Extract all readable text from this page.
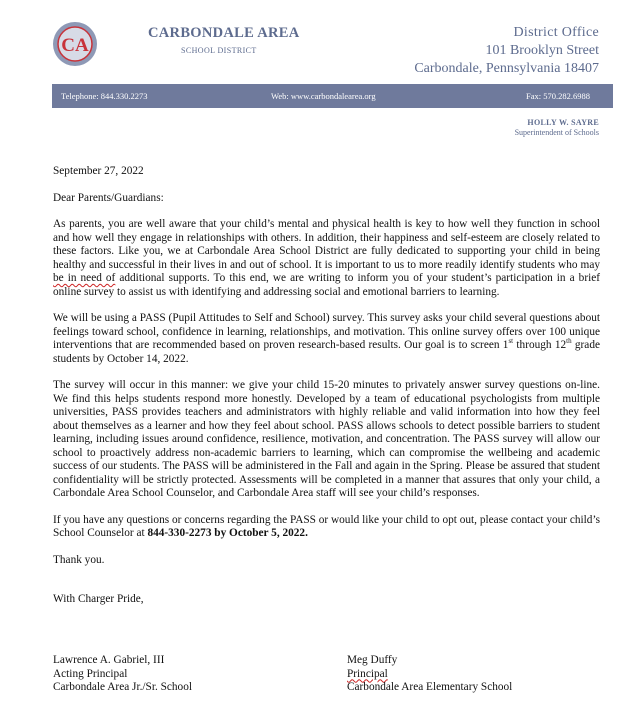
CA
CARBONDALE AREA
SCHOOL DISTRICT
District Office
101 Brooklyn Street
Carbondale, Pennsylvania 18407
Telephone: 844.330.2273	Web: www.carbondalearea.org	Fax: 570.282.6988
HOLLY W. SAYRE
Superintendent of Schools

September 27, 2022

Dear Parents/Guardians:

As parents, you are well aware that your child’s mental and physical health is key to how well they function in school and how well they engage in relationships with others. In addition, their happiness and self-esteem are closely related to these factors. Like you, we at Carbondale Area School District are fully dedicated to supporting your child in being healthy and successful in their lives in and out of school. It is important to us to more readily identify students who may be in need of additional supports. To this end, we are writing to inform you of your student’s participation in a brief online survey to assist us with identifying and addressing social and emotional barriers to learning.

We will be using a PASS (Pupil Attitudes to Self and School) survey. This survey asks your child several questions about feelings toward school, confidence in learning, relationships, and motivation. This online survey offers over 100 unique interventions that are recommended based on proven research-based results. Our goal is to screen 1st through 12th grade students by October 14, 2022.

The survey will occur in this manner: we give your child 15-20 minutes to privately answer survey questions on-line. We find this helps students respond more honestly. Developed by a team of educational psychologists from multiple universities, PASS provides teachers and administrators with highly reliable and valid information into how they feel about themselves as a learner and how they feel about school. PASS allows schools to detect possible barriers to student learning, including issues around confidence, resilience, motivation, and concentration. The PASS survey will allow our school to proactively address non-academic barriers to learning, which can compromise the wellbeing and academic success of our students. The PASS will be administered in the Fall and again in the Spring. Please be assured that student confidentiality will be strictly protected. Assessments will be completed in a manner that assures that only your child, a Carbondale Area School Counselor, and Carbondale Area staff will see your child’s responses.

If you have any questions or concerns regarding the PASS or would like your child to opt out, please contact your child’s School Counselor at 844-330-2273 by October 5, 2022.

Thank you.

With Charger Pride,

Lawrence A. Gabriel, III
Acting Principal
Carbondale Area Jr./Sr. School
Meg Duffy
Principal
Carbondale Area Elementary School
